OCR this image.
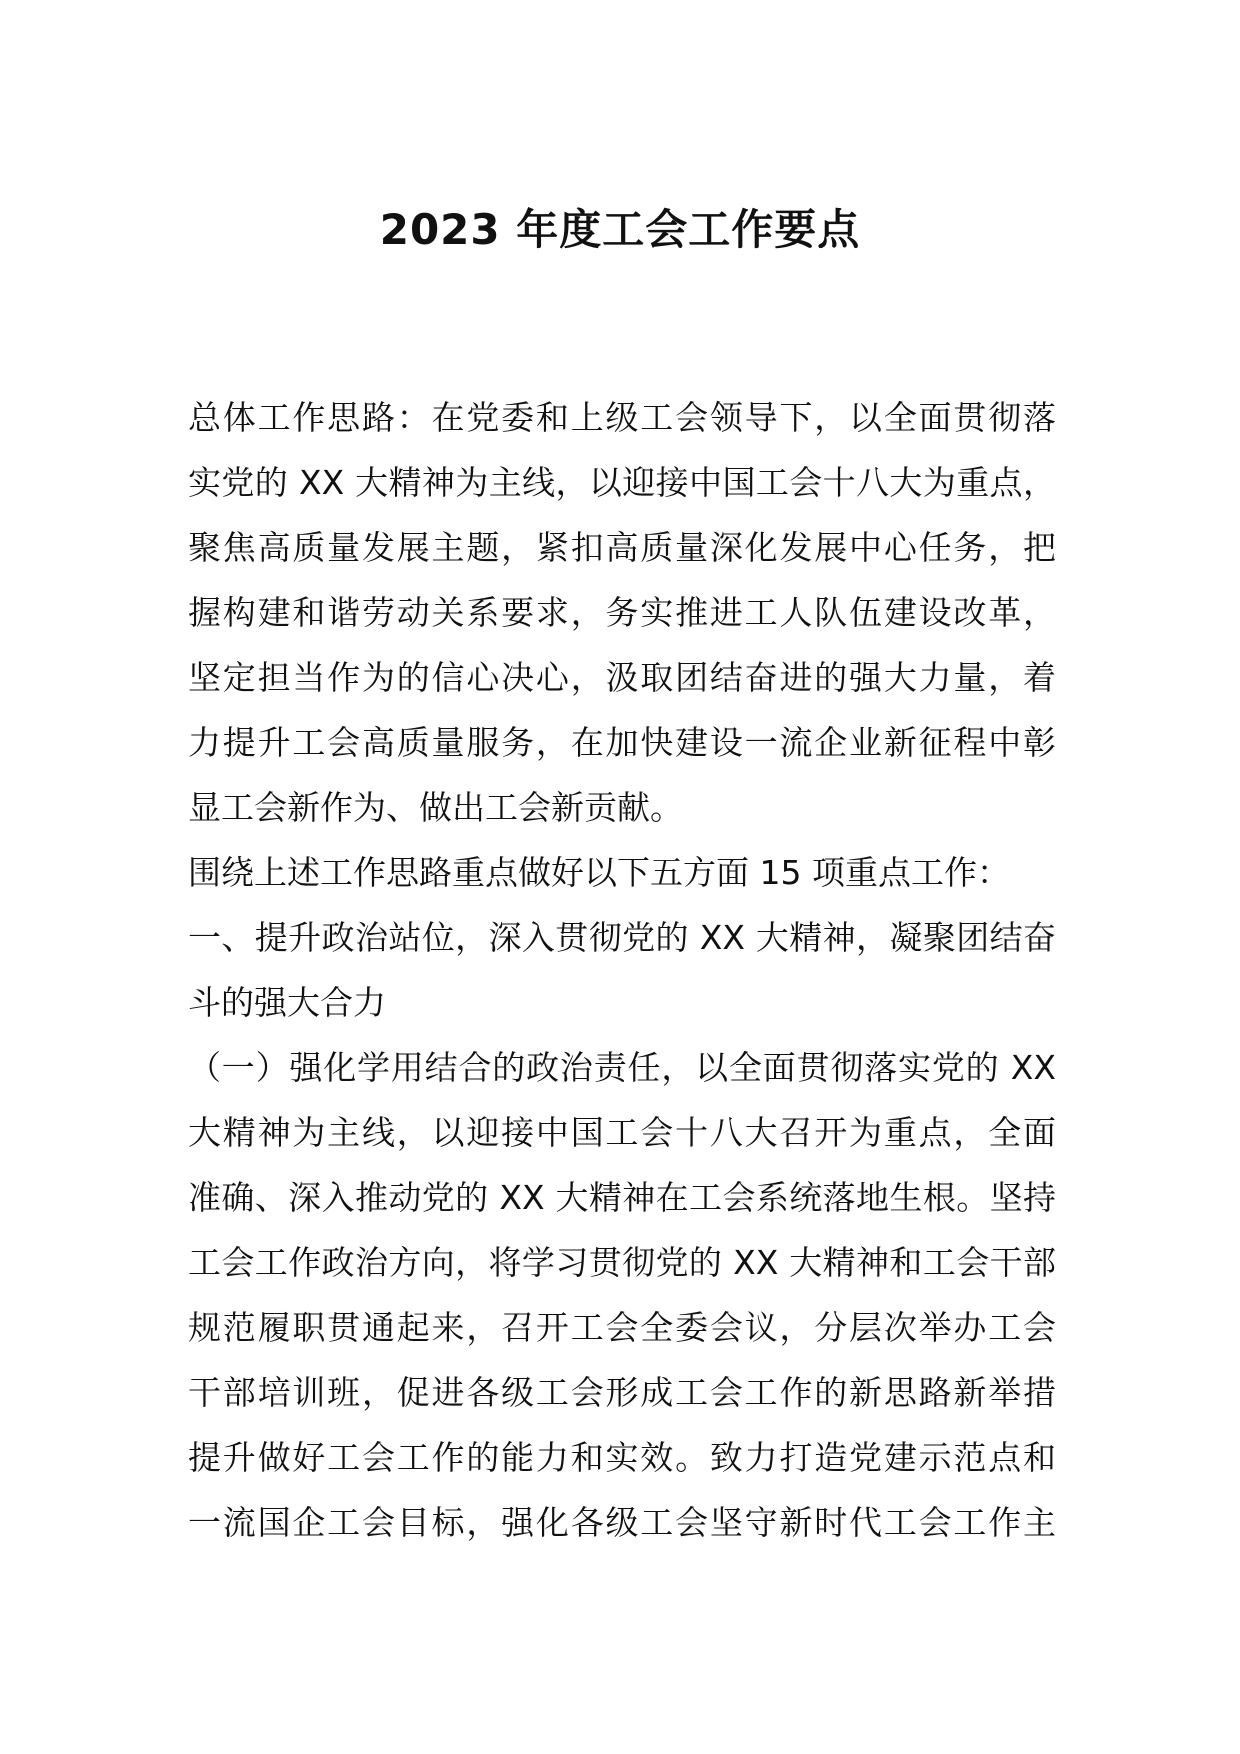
2023 年度工会工作要点
总体工作思路：在党委和上级工会领导下，以全面贯彻落
实党的 XX 大精神为主线，以迎接中国工会十八大为重点，
聚焦高质量发展主题，紧扣高质量深化发展中心任务，把
握构建和谐劳动关系要求，务实推进工人队伍建设改革，
坚定担当作为的信心决心，汲取团结奋进的强大力量，着
力提升工会高质量服务，在加快建设一流企业新征程中彰
显工会新作为、做出工会新贡献。
围绕上述工作思路重点做好以下五方面 15 项重点工作：
一、提升政治站位，深入贯彻党的 XX 大精神，凝聚团结奋
斗的强大合力
（一）强化学用结合的政治责任，以全面贯彻落实党的 XX
大精神为主线，以迎接中国工会十八大召开为重点，全面
准确、深入推动党的 XX 大精神在工会系统落地生根。坚持
工会工作政治方向，将学习贯彻党的 XX 大精神和工会干部
规范履职贯通起来，召开工会全委会议，分层次举办工会
干部培训班，促进各级工会形成工会工作的新思路新举措
提升做好工会工作的能力和实效。致力打造党建示范点和
一流国企工会目标，强化各级工会坚守新时代工会工作主
